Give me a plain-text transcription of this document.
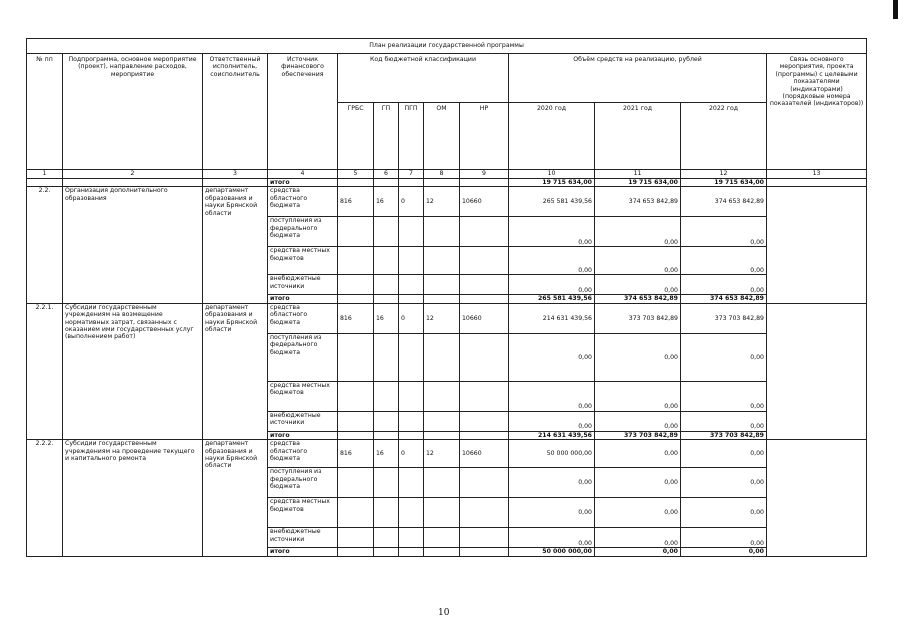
План реализации государственной программы												
№ пп	Подпрограмма, основное мероприятие (проект), направление расходов, мероприятие	Ответственный исполнитель, соисполнитель	Источник финансового обеспечения	Код бюджетной классификации					Объём средств на реализацию, рублей			Связь основного мероприятия, проекта (программы) с целевыми показателями (индикаторами) (порядковые номера показателей (индикаторов))
				ГРБС	ГП	ПГП	ОМ	НР	2020 год	2021 год	2022 год	
1	2	3	4	5	6	7	8	9	10	11	12	13
			итого						19 715 634,00	19 715 634,00	19 715 634,00	
2.2.	Организация дополнительного образования	департамент образования и науки Брянской области	средства областного бюджета	816	16	0	12	10660	265 581 439,56	374 653 842,89	374 653 842,89	
			поступления из федерального бюджета						0,00	0,00	0,00	
			средства местных бюджетов						0,00	0,00	0,00	
			внебюджетные источники						0,00	0,00	0,00	
			итого						265 581 439,56	374 653 842,89	374 653 842,89	
2.2.1.	Субсидии государственным учреждениям на возмещение нормативных затрат, связанных с оказанием ими государственных услуг (выполнением работ)	департамент образования и науки Брянской области	средства областного бюджета	816	16	0	12	10660	214 631 439,56	373 703 842,89	373 703 842,89	
			поступления из федерального бюджета						0,00	0,00	0,00	
			средства местных бюджетов						0,00	0,00	0,00	
			внебюджетные источники						0,00	0,00	0,00	
			итого						214 631 439,56	373 703 842,89	373 703 842,89	
2.2.2.	Субсидии государственным учреждениям на проведение текущего и капитального ремонта	департамент образования и науки Брянской области	средства областного бюджета	816	16	0	12	10660	50 000 000,00	0,00	0,00	
			поступления из федерального бюджета						0,00	0,00	0,00	
			средства местных бюджетов						0,00	0,00	0,00	
			внебюджетные источники						0,00	0,00	0,00	
			итого						50 000 000,00	0,00	0,00	
10
